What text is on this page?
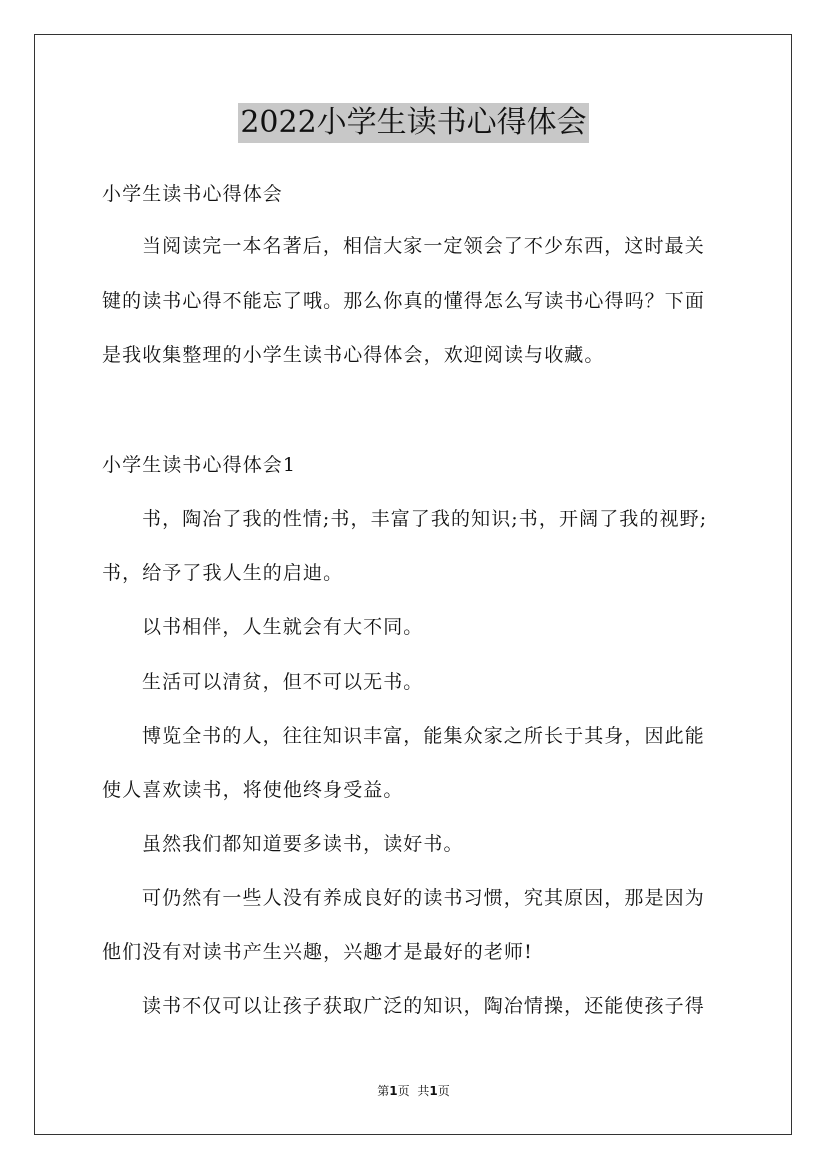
2022小学生读书心得体会
小学生读书心得体会
当阅读完一本名著后，相信大家一定领会了不少东西，这时最关
键的读书心得不能忘了哦。那么你真的懂得怎么写读书心得吗？下面
是我收集整理的小学生读书心得体会，欢迎阅读与收藏。
小学生读书心得体会1
书，陶冶了我的性情;书，丰富了我的知识;书，开阔了我的视野;
书，给予了我人生的启迪。
以书相伴，人生就会有大不同。
生活可以清贫，但不可以无书。
博览全书的人，往往知识丰富，能集众家之所长于其身，因此能
使人喜欢读书，将使他终身受益。
虽然我们都知道要多读书，读好书。
可仍然有一些人没有养成良好的读书习惯，究其原因，那是因为
他们没有对读书产生兴趣，兴趣才是最好的老师!
读书不仅可以让孩子获取广泛的知识，陶冶情操，还能使孩子得
第1页 共1页
